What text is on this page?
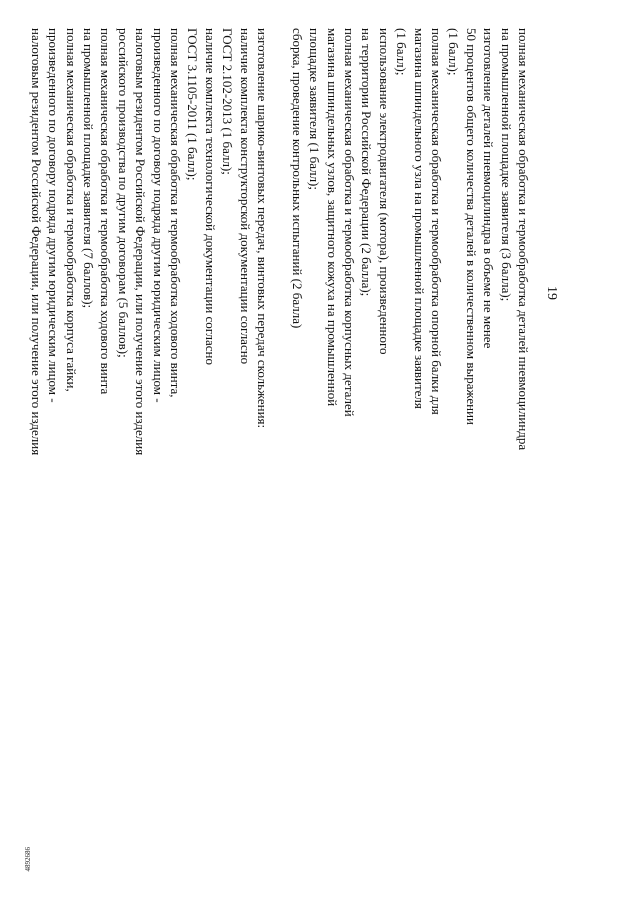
19
полная механическая обработка и термообработка деталей пневмоцилиндра
на промышленной площадке заявителя (3 балла);
изготовление деталей пневмоцилиндра в объеме не менее
50 процентов общего количества деталей в количественном выражении
(1 балл);
полная механическая обработка и термообработка опорной балки для
магазина шпиндельного узла на промышленной площадке заявителя
(1 балл);
использование электродвигателя (мотора), произведенного
на территории Российской Федерации (2 балла);
полная механическая обработка и термообработка корпусных деталей
магазина шпиндельных узлов, защитного кожуха на промышленной
площадке заявителя (1 балл);
сборка, проведение контрольных испытаний (2 балла)
изготовление шарико-винтовых передач, винтовых передач скольжения:
наличие комплекта конструкторской документации согласно
ГОСТ 2.102-2013 (1 балл);
наличие комплекта технологической документации согласно
ГОСТ 3.1105-2011 (1 балл);
полная механическая обработка и термообработка ходового винта,
произведенного по договору подряда другим юридическим лицом -
налоговым резидентом Российской Федерации, или получение этого изделия
российского производства по другим договорам (5 баллов);
полная механическая обработка и термообработка ходового винта
на промышленной площадке заявителя (7 баллов);
полная механическая обработка и термообработка корпуса гайки,
произведенного по договору подряда другим юридическим лицом -
налоговым резидентом Российской Федерации, или получение этого изделия
4892686
